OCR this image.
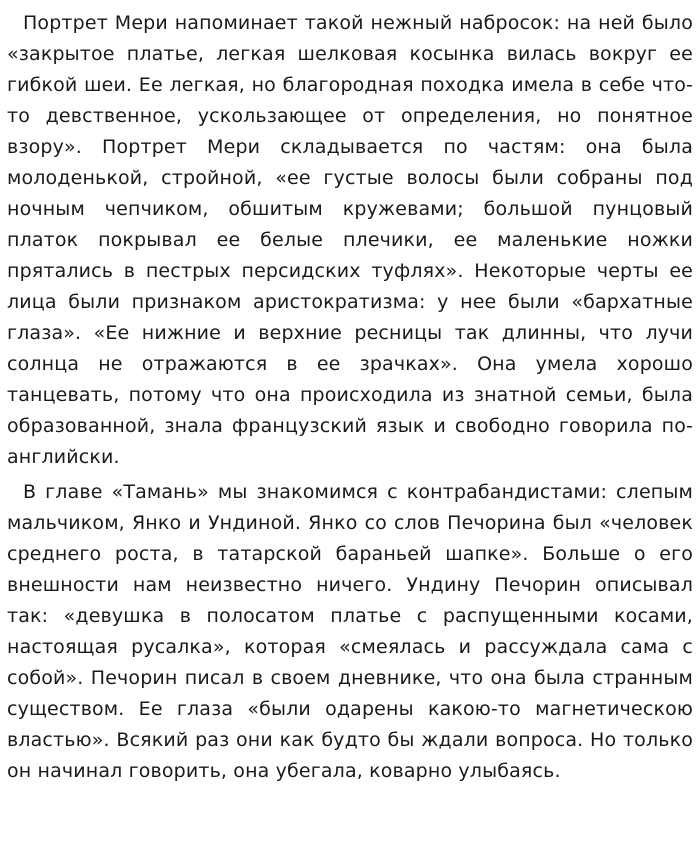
Портрет Мери напоминает такой нежный набросок: на ней было «закрытое платье, легкая шелковая косынка вилась вокруг ее гибкой шеи. Ее легкая, но благородная походка имела в себе что-то девственное, ускользающее от определения, но понятное взору». Портрет Мери складывается по частям: она была молоденькой, стройной, «ее густые волосы были собраны под ночным чепчиком, обшитым кружевами; большой пунцовый платок покрывал ее белые плечики, ее маленькие ножки прятались в пестрых персидских туфлях». Некоторые черты ее лица были признаком аристократизма: у нее были «бархатные глаза». «Ее нижние и верхние ресницы так длинны, что лучи солнца не отражаются в ее зрачках». Она умела хорошо танцевать, потому что она происходила из знатной семьи, была образованной, знала французский язык и свободно говорила по-английски.

В главе «Тамань» мы знакомимся с контрабандистами: слепым мальчиком, Янко и Ундиной. Янко со слов Печорина был «человек среднего роста, в татарской бараньей шапке». Больше о его внешности нам неизвестно ничего. Ундину Печорин описывал так: «девушка в полосатом платье с распущенными косами, настоящая русалка», которая «смеялась и рассуждала сама с собой». Печорин писал в своем дневнике, что она была странным существом. Ее глаза «были одарены какою-то магнетическою властью». Всякий раз они как будто бы ждали вопроса. Но только он начинал говорить, она убегала, коварно улыбаясь.
